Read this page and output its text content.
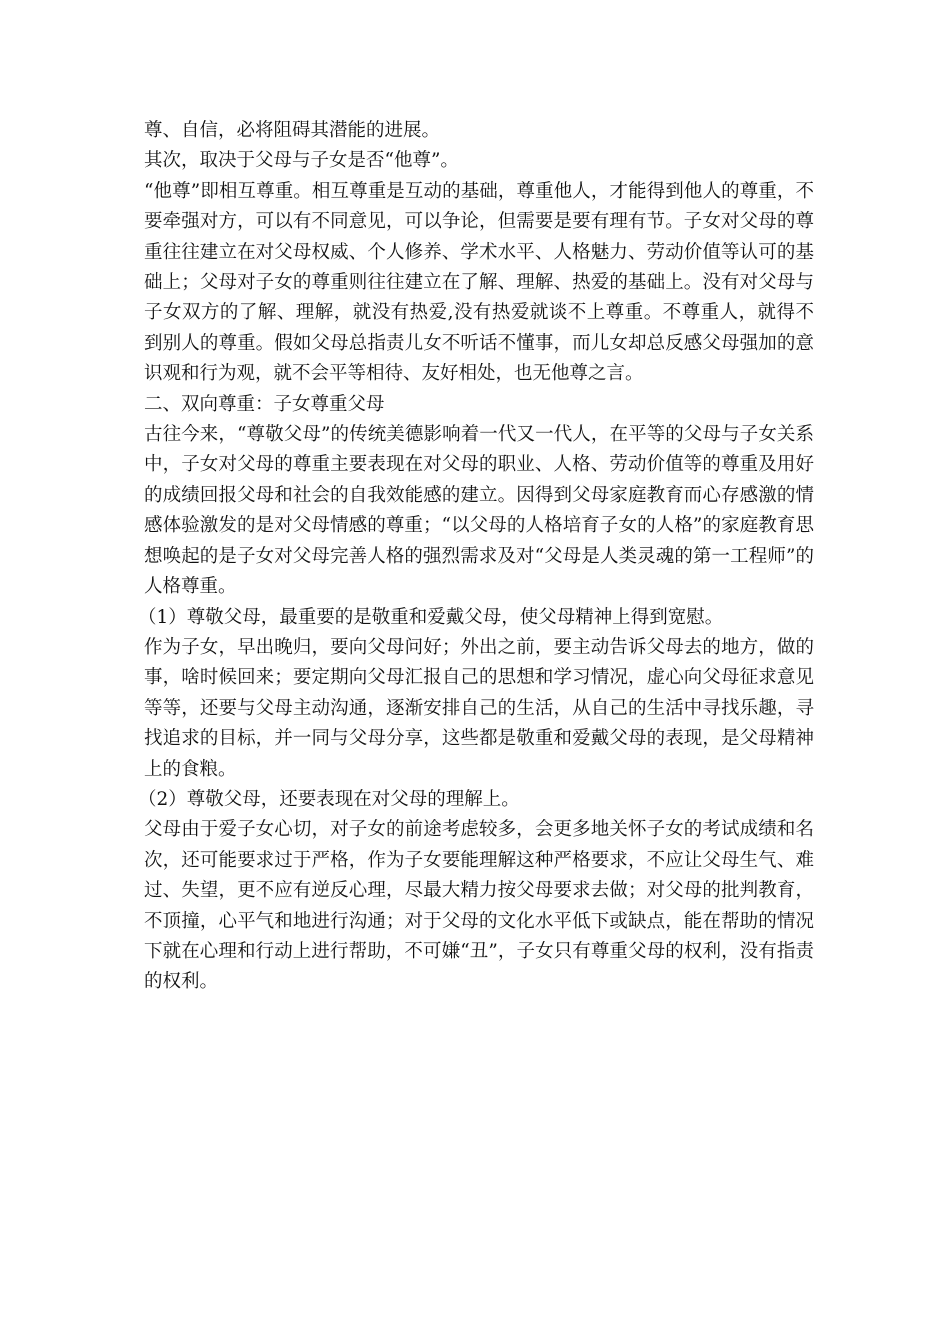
尊、自信，必将阻碍其潜能的进展。

其次，取决于父母与子女是否“他尊”。

“他尊”即相互尊重。相互尊重是互动的基础，尊重他人，才能得到他人的尊重，不要牵强对方，可以有不同意见，可以争论，但需要是要有理有节。子女对父母的尊重往往建立在对父母权威、个人修养、学术水平、人格魅力、劳动价值等认可的基础上；父母对子女的尊重则往往建立在了解、理解、热爱的基础上。没有对父母与子女双方的了解、理解，就没有热爱,没有热爱就谈不上尊重。不尊重人，就得不到别人的尊重。假如父母总指责儿女不听话不懂事，而儿女却总反感父母强加的意识观和行为观，就不会平等相待、友好相处，也无他尊之言。

二、双向尊重：子女尊重父母

古往今来，“尊敬父母”的传统美德影响着一代又一代人，在平等的父母与子女关系中，子女对父母的尊重主要表现在对父母的职业、人格、劳动价值等的尊重及用好的成绩回报父母和社会的自我效能感的建立。因得到父母家庭教育而心存感激的情感体验激发的是对父母情感的尊重；“以父母的人格培育子女的人格”的家庭教育思想唤起的是子女对父母完善人格的强烈需求及对“父母是人类灵魂的第一工程师”的人格尊重。

（1）尊敬父母，最重要的是敬重和爱戴父母，使父母精神上得到宽慰。

作为子女，早出晚归，要向父母问好；外出之前，要主动告诉父母去的地方，做的事，啥时候回来；要定期向父母汇报自己的思想和学习情况，虚心向父母征求意见等等，还要与父母主动沟通，逐渐安排自己的生活，从自己的生活中寻找乐趣，寻找追求的目标，并一同与父母分享，这些都是敬重和爱戴父母的表现，是父母精神上的食粮。

（2）尊敬父母，还要表现在对父母的理解上。

父母由于爱子女心切，对子女的前途考虑较多，会更多地关怀子女的考试成绩和名次，还可能要求过于严格，作为子女要能理解这种严格要求，不应让父母生气、难过、失望，更不应有逆反心理，尽最大精力按父母要求去做；对父母的批判教育，不顶撞，心平气和地进行沟通；对于父母的文化水平低下或缺点，能在帮助的情况下就在心理和行动上进行帮助，不可嫌“丑”，子女只有尊重父母的权利，没有指责的权利。
